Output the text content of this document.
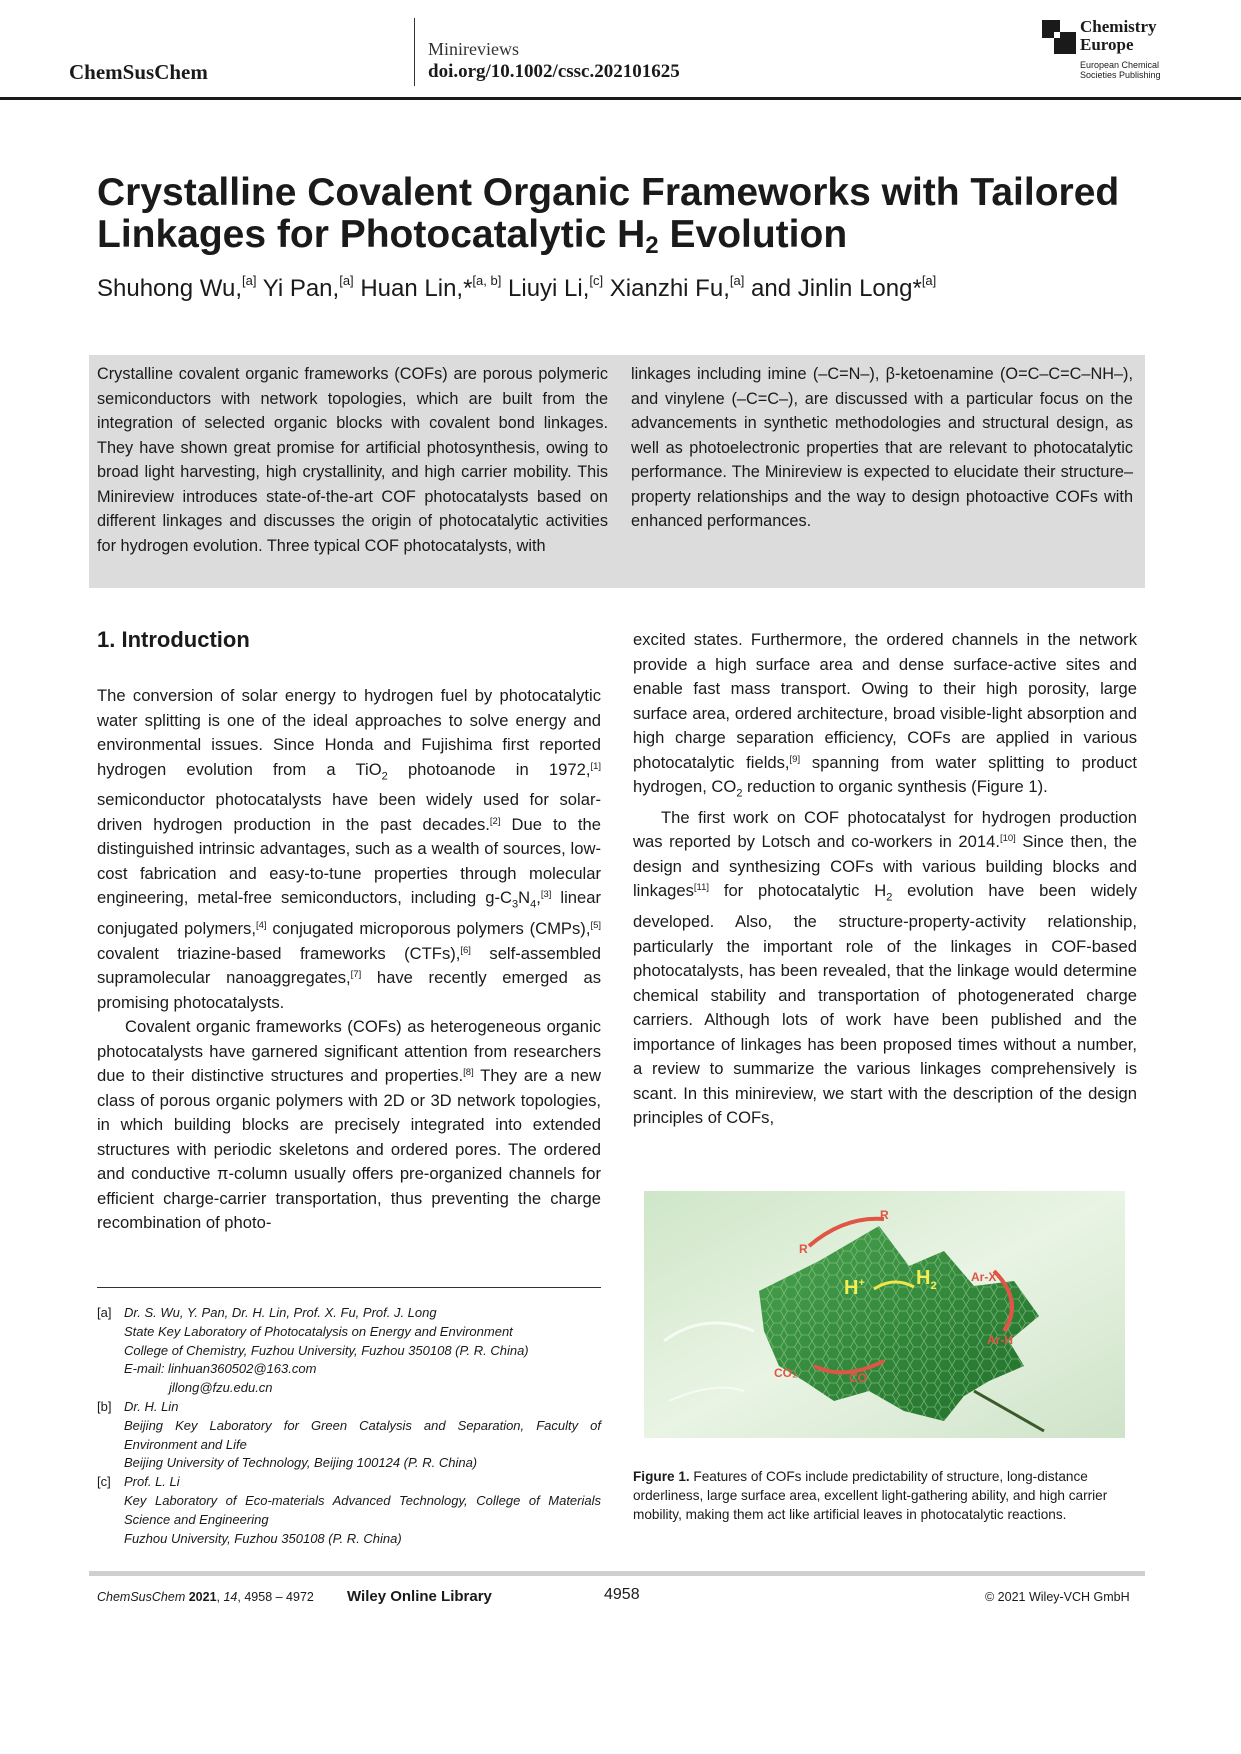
ChemSusChem
Minireviews
doi.org/10.1002/cssc.202101625
Chemistry
Europe
European Chemical
Societies Publishing
Crystalline Covalent Organic Frameworks with Tailored
Linkages for Photocatalytic $H_2$ Evolution
Shuhong Wu,[a] Yi Pan,[a] Huan Lin,*[a, b] Liuyi Li,[c] Xianzhi Fu,[a] and Jinlin Long*[a]
Crystalline covalent organic frameworks (COFs) are porous polymeric semiconductors with network topologies, which are built from the integration of selected organic blocks with covalent bond linkages. They have shown great promise for artificial photosynthesis, owing to broad light harvesting, high crystallinity, and high carrier mobility. This Minireview introduces state-of-the-art COF photocatalysts based on different linkages and discusses the origin of photocatalytic activities for hydrogen evolution. Three typical COF photocatalysts, with
linkages including imine (–C=N–), β-ketoenamine (O=C–C=C–NH–), and vinylene (–C=C–), are discussed with a particular focus on the advancements in synthetic methodologies and structural design, as well as photoelectronic properties that are relevant to photocatalytic performance. The Minireview is expected to elucidate their structure–property relationships and the way to design photoactive COFs with enhanced performances.
1. Introduction

The conversion of solar energy to hydrogen fuel by photocatalytic water splitting is one of the ideal approaches to solve energy and environmental issues. Since Honda and Fujishima first reported hydrogen evolution from a TiO$_2$ photoanode in 1972,[1] semiconductor photocatalysts have been widely used for solar-driven hydrogen production in the past decades.[2] Due to the distinguished intrinsic advantages, such as a wealth of sources, low-cost fabrication and easy-to-tune properties through molecular engineering, metal-free semiconductors, including $g-C_3N_4,[3]$ linear conjugated polymers,[4] conjugated microporous polymers (CMPs),[5] covalent triazine-based frameworks (CTFs),[6] self-assembled supramolecular nanoaggregates,[7] have recently emerged as promising photocatalysts.

Covalent organic frameworks (COFs) as heterogeneous organic photocatalysts have garnered significant attention from researchers due to their distinctive structures and properties.[8] They are a new class of porous organic polymers with 2D or 3D network topologies, in which building blocks are precisely integrated into extended structures with periodic skeletons and ordered pores. The ordered and conductive π-column usually offers pre-organized channels for efficient charge-carrier transportation, thus preventing the charge recombination of photo-

excited states. Furthermore, the ordered channels in the network provide a high surface area and dense surface-active sites and enable fast mass transport. Owing to their high porosity, large surface area, ordered architecture, broad visible-light absorption and high charge separation efficiency, COFs are applied in various photocatalytic fields,[9] spanning from water splitting to product hydrogen, $CO_2$ reduction to organic synthesis (Figure 1).

The first work on COF photocatalyst for hydrogen production was reported by Lotsch and co-workers in 2014.[10] Since then, the design and synthesizing COFs with various building blocks and linkages[11] for photocatalytic $H_2$ evolution have been widely developed. Also, the structure-property-activity relationship, particularly the important role of the linkages in COF-based photocatalysts, has been revealed, that the linkage would determine chemical stability and transportation of photogenerated charge carriers. Although lots of work have been published and the importance of linkages has been proposed times without a number, a review to summarize the various linkages comprehensively is scant. In this minireview, we start with the description of the design principles of COFs,

[a] Dr. S. Wu, Y. Pan, Dr. H. Lin, Prof. X. Fu, Prof. J. Long
State Key Laboratory of Photocatalysis on Energy and Environment
College of Chemistry, Fuzhou University, Fuzhou 350108 (P. R. China)
E-mail: linhuan360502@163.com
jllong@fzu.edu.cn
[b] Dr. H. Lin
Beijing Key Laboratory for Green Catalysis and Separation, Faculty of Environment and Life
Beijing University of Technology, Beijing 100124 (P. R. China)
[c] Prof. L. Li
Key Laboratory of Eco-materials Advanced Technology, College of Materials Science and Engineering
Fuzhou University, Fuzhou 350108 (P. R. China)
H+	$H_2$
Ar-X
Ar-H
CO₂	CO
R
R
Figure 1. Features of COFs include predictability of structure, long-distance orderliness, large surface area, excellent light-gathering ability, and high carrier mobility, making them act like artificial leaves in photocatalytic reactions.
ChemSusChem 2021, 14, 4958 – 4972 Wiley Online Library	4958	© 2021 Wiley-VCH GmbH
